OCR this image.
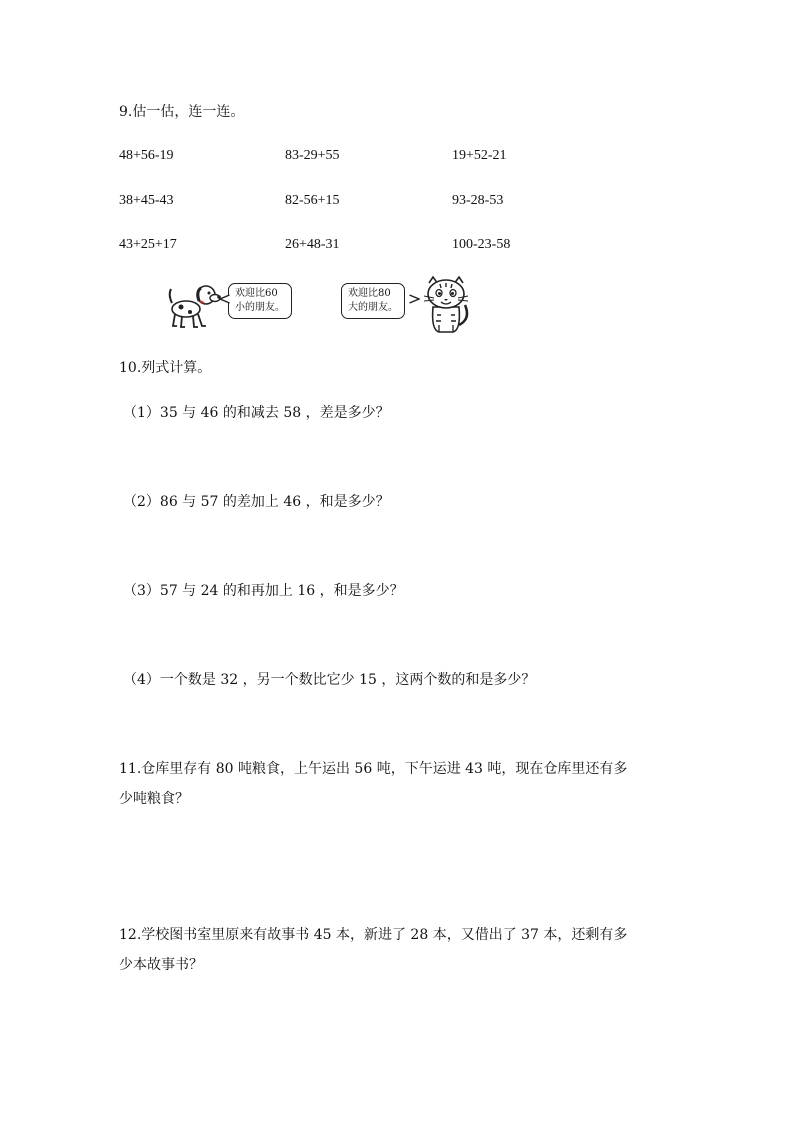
9.估一估，连一连。
48+56-19	83-29+55	19+52-21
38+45-43	82-56+15	93-28-53
43+25+17	26+48-31	100-23-58
欢迎比60
小的朋友。
欢迎比80
大的朋友。
10.列式计算。
（1）35 与 46 的和减去 58 ，差是多少？
（2）86 与 57 的差加上 46 ，和是多少？
（3）57 与 24 的和再加上 16 ，和是多少？
（4）一个数是 32 ，另一个数比它少 15 ，这两个数的和是多少？
11.仓库里存有 80 吨粮食，上午运出 56 吨，下午运进 43 吨，现在仓库里还有多
少吨粮食？
12.学校图书室里原来有故事书 45 本，新进了 28 本，又借出了 37 本，还剩有多
少本故事书？
